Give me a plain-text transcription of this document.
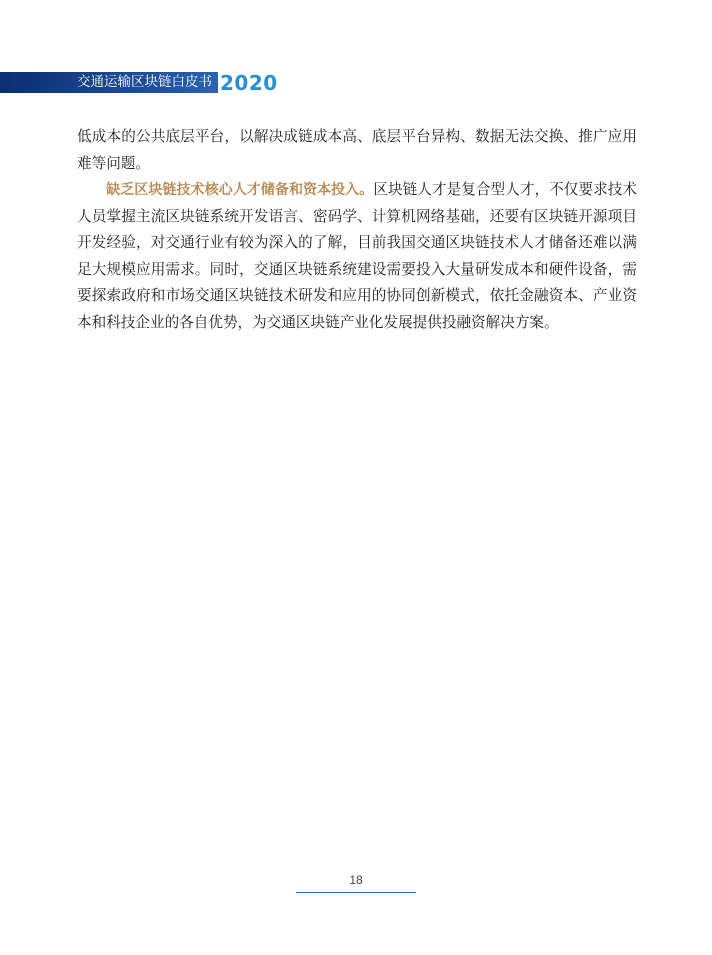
交通运输区块链白皮书 2020

低成本的公共底层平台，以解决成链成本高、底层平台异构、数据无法交换、推广应用难等问题。

缺乏区块链技术核心人才储备和资本投入。区块链人才是复合型人才，不仅要求技术人员掌握主流区块链系统开发语言、密码学、计算机网络基础，还要有区块链开源项目开发经验，对交通行业有较为深入的了解，目前我国交通区块链技术人才储备还难以满足大规模应用需求。同时，交通区块链系统建设需要投入大量研发成本和硬件设备，需要探索政府和市场交通区块链技术研发和应用的协同创新模式，依托金融资本、产业资本和科技企业的各自优势，为交通区块链产业化发展提供投融资解决方案。

18
